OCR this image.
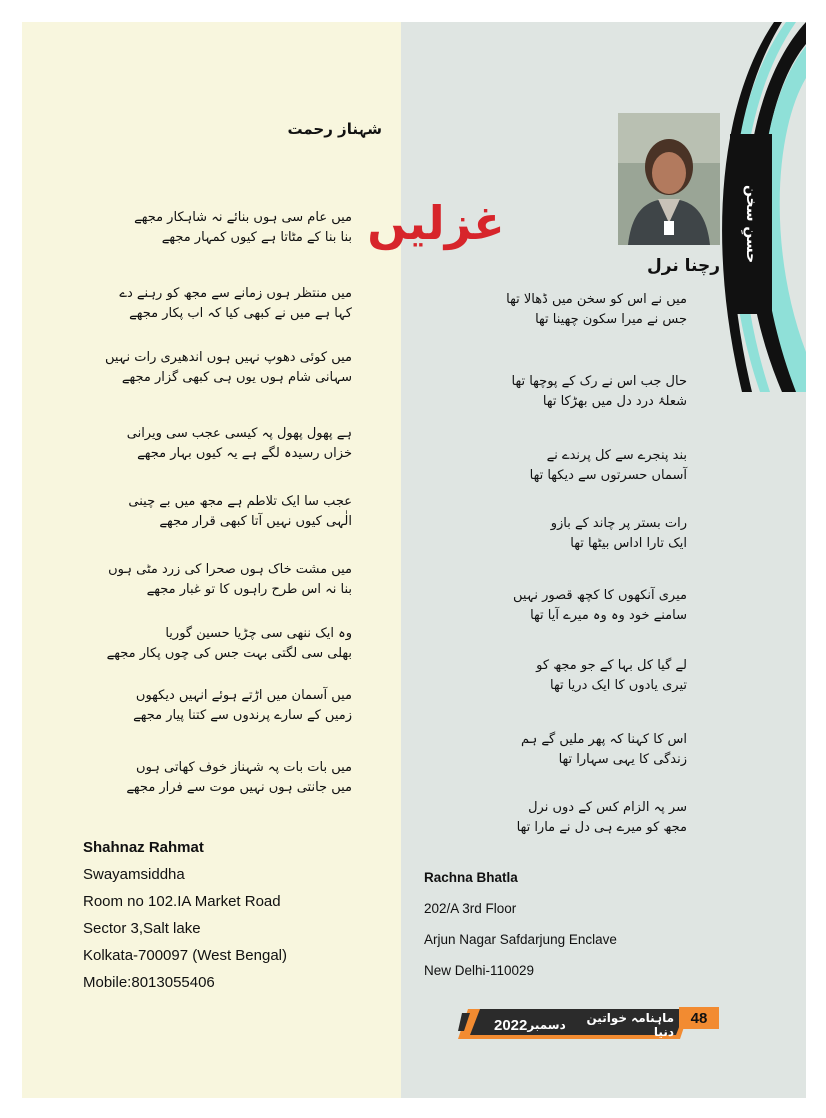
حسنِ سخن
غزلیں
شہناز رحمت
رچنا نرل
میں عام سی ہوں بنائے نہ شاہکار مجھے
بنا بنا کے مٹاتا ہے کیوں کمہار مجھے
میں منتظر ہوں زمانے سے مجھ کو رہنے دے
کہا ہے میں نے کبھی کیا کہ اب پکار مجھے
میں کوئی دھوپ نہیں ہوں اندھیری رات نہیں
سہانی شام ہوں یوں ہی کبھی گزار مجھے
ہے پھول پھول پہ کیسی عجب سی ویرانی
خزاں رسیدہ لگے ہے یہ کیوں بہار مجھے
عجب سا ایک تلاطم ہے مجھ میں بے چینی
الٰہی کیوں نہیں آتا کبھی قرار مجھے
میں مشت خاک ہوں صحرا کی زرد مٹی ہوں
بنا نہ اس طرح راہوں کا تو غبار مجھے
وہ ایک ننھی سی چڑیا حسین گوریا
بھلی سی لگتی بہت جس کی چوں پکار مجھے
میں آسمان میں اڑتے ہوئے انہیں دیکھوں
زمیں کے سارے پرندوں سے کتنا پیار مجھے
میں بات بات پہ شہناز خوف کھاتی ہوں
میں جانتی ہوں نہیں موت سے فرار مجھے
میں نے اس کو سخن میں ڈھالا تھا
جس نے میرا سکون چھینا تھا
حال جب اس نے رک کے پوچھا تھا
شعلۂ درد دل میں بھڑکا تھا
بند پنجرے سے کل پرندے نے
آسماں حسرتوں سے دیکھا تھا
رات بستر پر چاند کے بازو
ایک تارا اداس بیٹھا تھا
میری آنکھوں کا کچھ قصور نہیں
سامنے خود وہ وہ میرے آیا تھا
لے گیا کل بہا کے جو مجھ کو
تیری یادوں کا ایک دریا تھا
اس کا کہنا کہ پھر ملیں گے ہم
زندگی کا یہی سہارا تھا
سر پہ الزام کس کے دوں نرل
مجھ کو میرے ہی دل نے مارا تھا
Shahnaz Rahmat
Swayamsiddha
Room no 102.IA Market Road
Sector 3,Salt lake
Kolkata-700097 (West Bengal)
Mobile:8013055406
Rachna Bhatla
202/A 3rd Floor
Arjun Nagar Safdarjung Enclave
New Delhi-110029
2022 دسمبر	ماہنامہ خواتین دنیا
48
